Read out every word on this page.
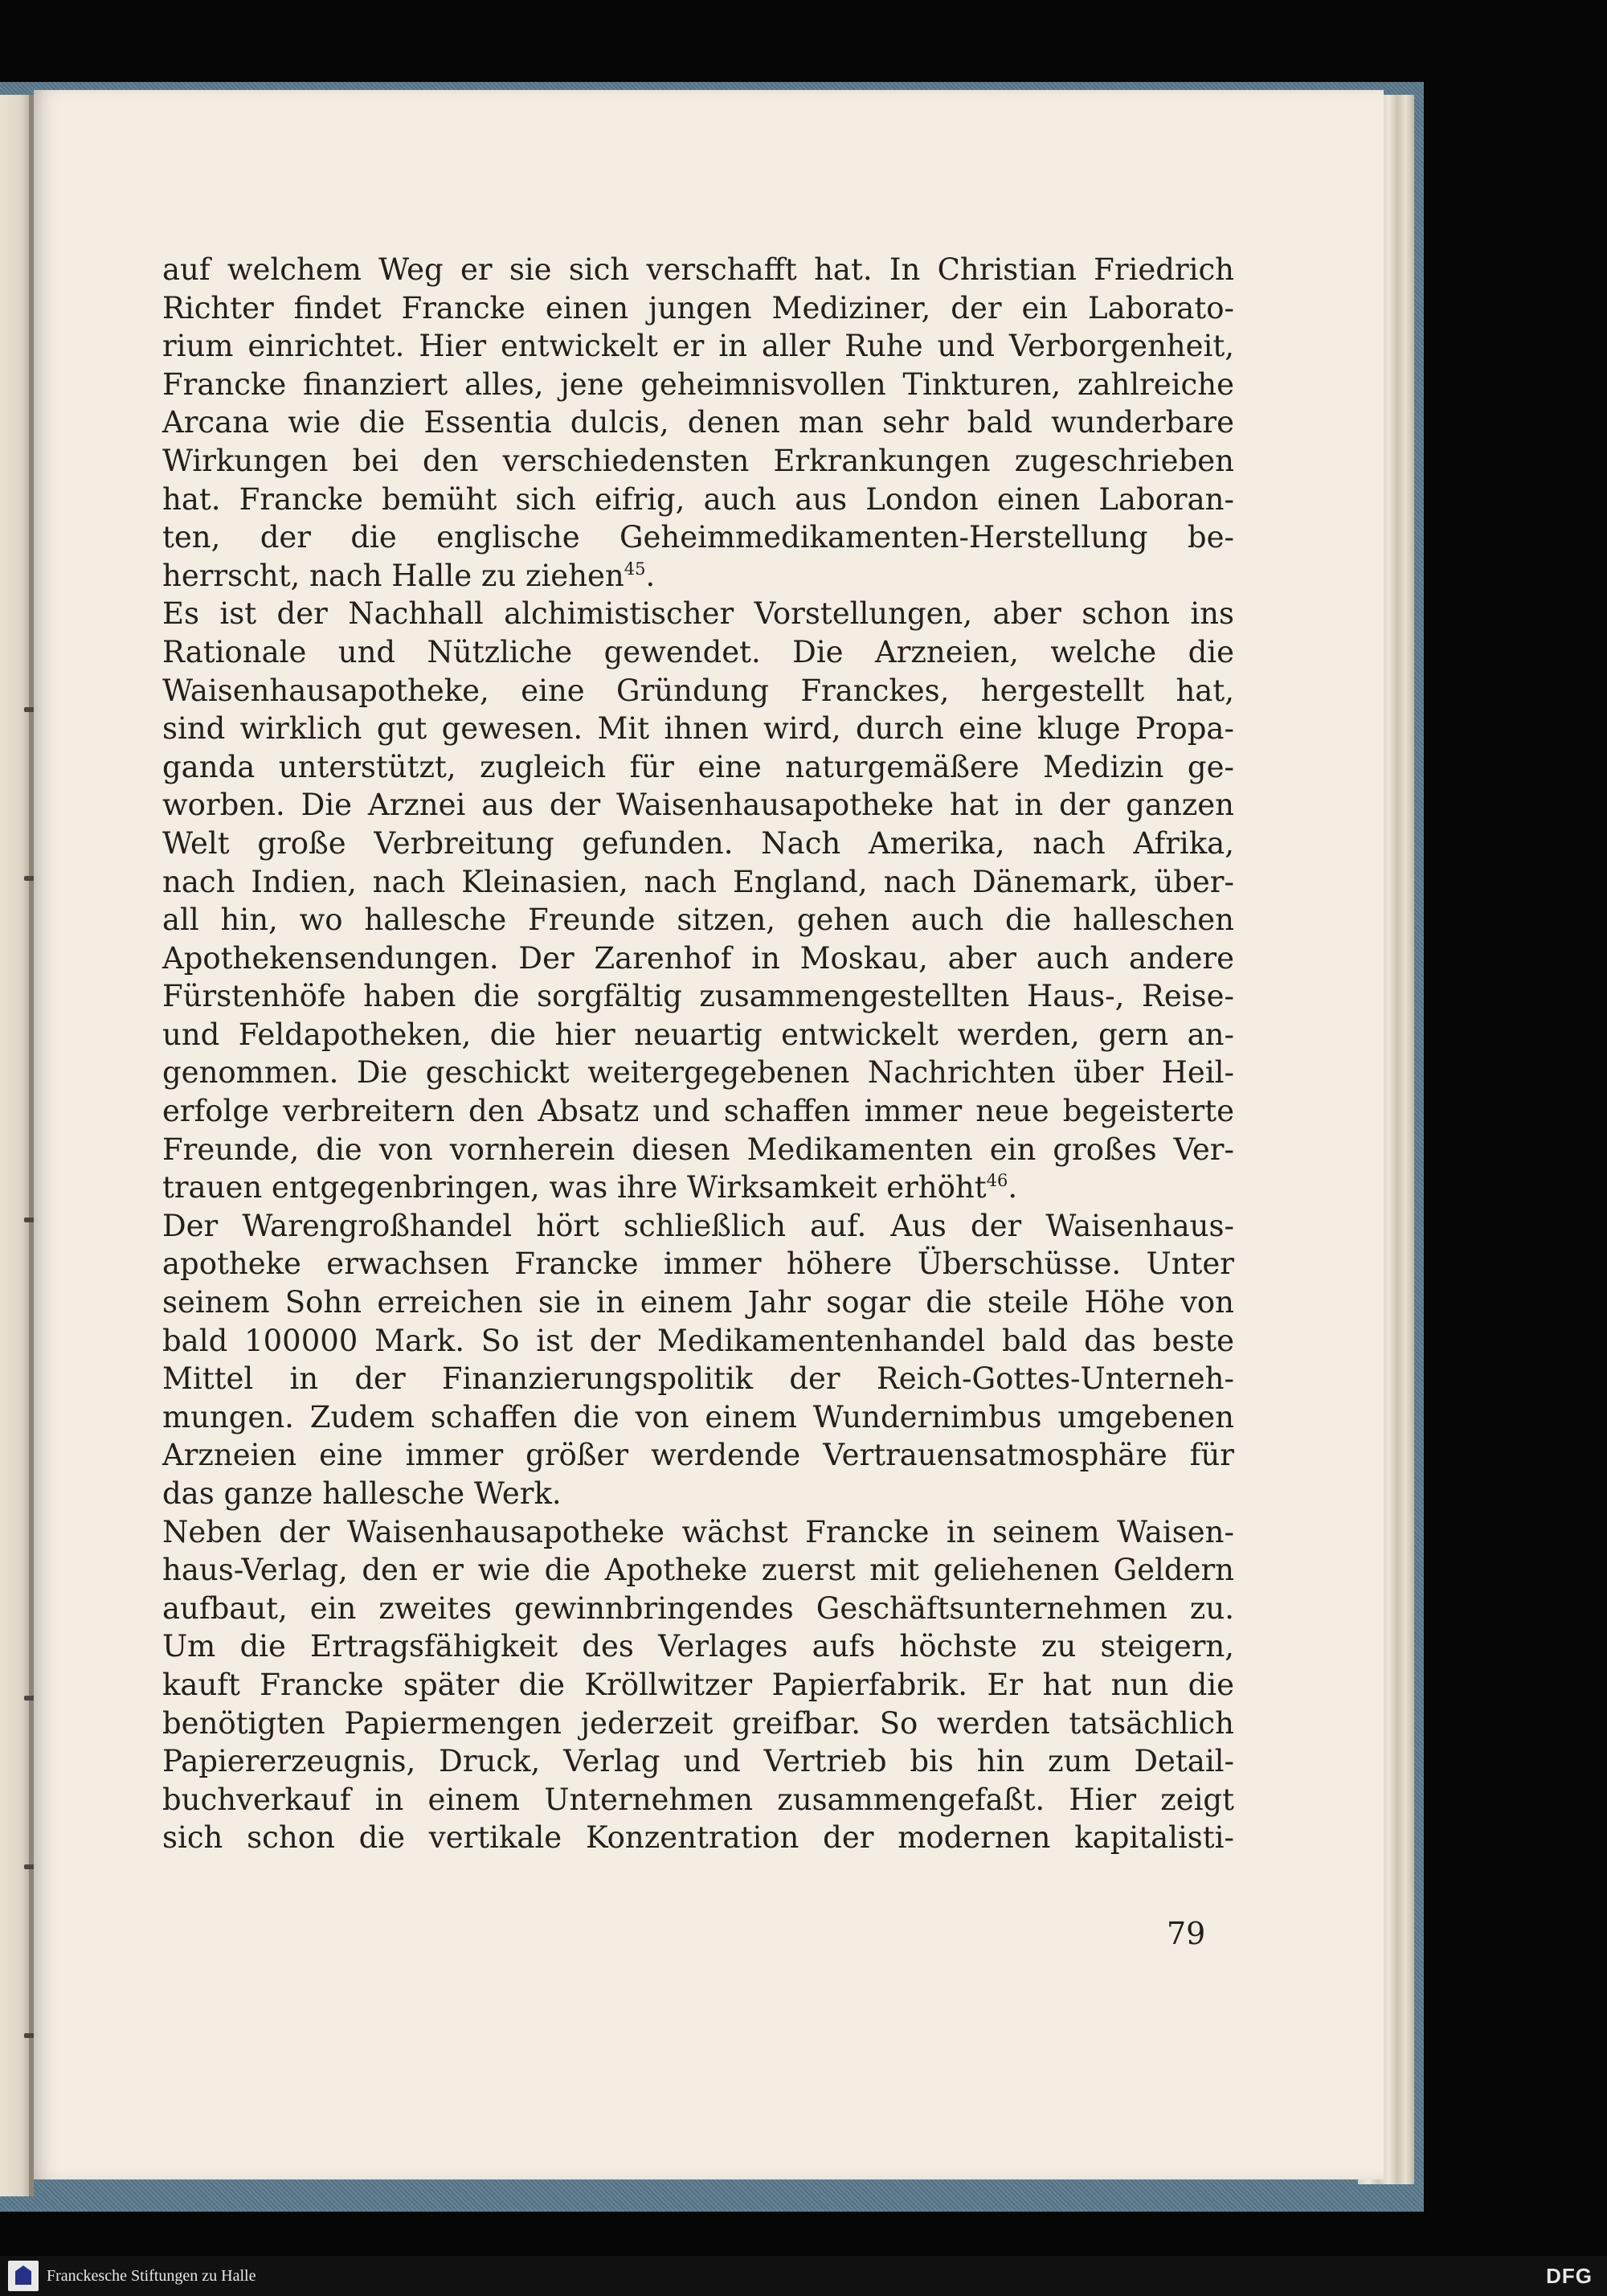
auf welchem Weg er sie sich verschafft hat. In Christian Friedrich
Richter findet Francke einen jungen Mediziner, der ein Laborato-
rium einrichtet. Hier entwickelt er in aller Ruhe und Verborgenheit,
Francke finanziert alles, jene geheimnisvollen Tinkturen, zahlreiche
Arcana wie die Essentia dulcis, denen man sehr bald wunderbare
Wirkungen bei den verschiedensten Erkrankungen zugeschrieben
hat. Francke bemüht sich eifrig, auch aus London einen Laboran-
ten, der die englische Geheimmedikamenten-Herstellung be-
herrscht, nach Halle zu ziehen$^{45}$.
Es ist der Nachhall alchimistischer Vorstellungen, aber schon ins
Rationale und Nützliche gewendet. Die Arzneien, welche die
Waisenhausapotheke, eine Gründung Franckes, hergestellt hat,
sind wirklich gut gewesen. Mit ihnen wird, durch eine kluge Propa-
ganda unterstützt, zugleich für eine naturgemäßere Medizin ge-
worben. Die Arznei aus der Waisenhausapotheke hat in der ganzen
Welt große Verbreitung gefunden. Nach Amerika, nach Afrika,
nach Indien, nach Kleinasien, nach England, nach Dänemark, über-
all hin, wo hallesche Freunde sitzen, gehen auch die halleschen
Apothekensendungen. Der Zarenhof in Moskau, aber auch andere
Fürstenhöfe haben die sorgfältig zusammengestellten Haus-, Reise-
und Feldapotheken, die hier neuartig entwickelt werden, gern an-
genommen. Die geschickt weitergegebenen Nachrichten über Heil-
erfolge verbreitern den Absatz und schaffen immer neue begeisterte
Freunde, die von vornherein diesen Medikamenten ein großes Ver-
trauen entgegenbringen, was ihre Wirksamkeit erhöht$^{46}$.
Der Warengroßhandel hört schließlich auf. Aus der Waisenhaus-
apotheke erwachsen Francke immer höhere Überschüsse. Unter
seinem Sohn erreichen sie in einem Jahr sogar die steile Höhe von
bald 100000 Mark. So ist der Medikamentenhandel bald das beste
Mittel in der Finanzierungspolitik der Reich-Gottes-Unterneh-
mungen. Zudem schaffen die von einem Wundernimbus umgebenen
Arzneien eine immer größer werdende Vertrauensatmosphäre für
das ganze hallesche Werk.
Neben der Waisenhausapotheke wächst Francke in seinem Waisen-
haus-Verlag, den er wie die Apotheke zuerst mit geliehenen Geldern
aufbaut, ein zweites gewinnbringendes Geschäftsunternehmen zu.
Um die Ertragsfähigkeit des Verlages aufs höchste zu steigern,
kauft Francke später die Kröllwitzer Papierfabrik. Er hat nun die
benötigten Papiermengen jederzeit greifbar. So werden tatsächlich
Papiererzeugnis, Druck, Verlag und Vertrieb bis hin zum Detail-
buchverkauf in einem Unternehmen zusammengefaßt. Hier zeigt
sich schon die vertikale Konzentration der modernen kapitalisti-
79
Franckesche Stiftungen zu Halle	DFG
